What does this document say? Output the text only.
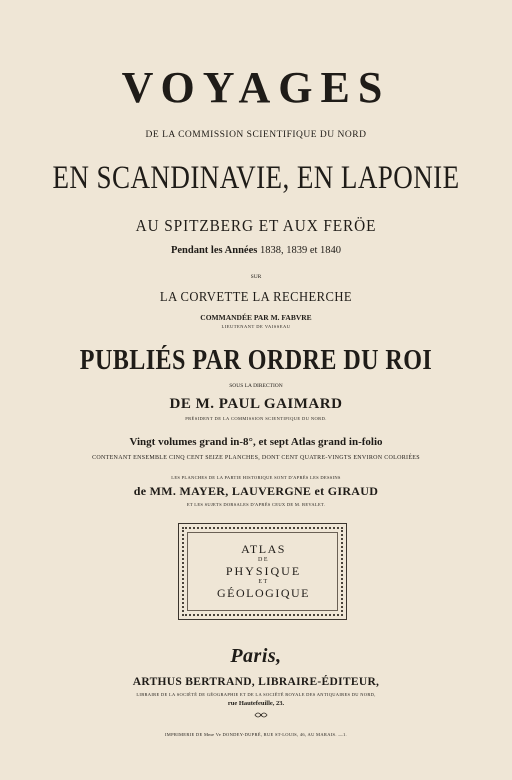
VOYAGES
DE LA COMMISSION SCIENTIFIQUE DU NORD
EN SCANDINAVIE, EN LAPONIE
AU SPITZBERG ET AUX FERÖE
Pendant les Années 1838, 1839 et 1840
SUR
LA CORVETTE LA RECHERCHE
COMMANDÉE PAR M. FABVRE
LIEUTENANT DE VAISSEAU
PUBLIÉS PAR ORDRE DU ROI
SOUS LA DIRECTION
DE M. PAUL GAIMARD
PRÉSIDENT DE LA COMMISSION SCIENTIFIQUE DU NORD.
Vingt volumes grand in-8°, et sept Atlas grand in-folio
CONTENANT ENSEMBLE CINQ CENT SEIZE PLANCHES, DONT CENT QUATRE-VINGTS ENVIRON COLORIÉES
LES PLANCHES DE LA PARTIE HISTORIQUE SONT D'APRÈS LES DESSINS
de MM. MAYER, LAUVERGNE et GIRAUD
ET LES SUJETS DORSALES D'APRÈS CEUX DE M. BEVALET.
ATLAS
DE
PHYSIQUE
ET
GÉOLOGIQUE
Paris,
ARTHUS BERTRAND, LIBRAIRE-ÉDITEUR,
LIBRAIRE DE LA SOCIÉTÉ DE GÉOGRAPHIE ET DE LA SOCIÉTÉ ROYALE DES ANTIQUAIRES DU NORD,
rue Hautefeuille, 23.
IMPRIMERIE DE Mme Ve DONDEY-DUPRÉ, RUE ST-LOUIS, 46, AU MARAIS. —1.
